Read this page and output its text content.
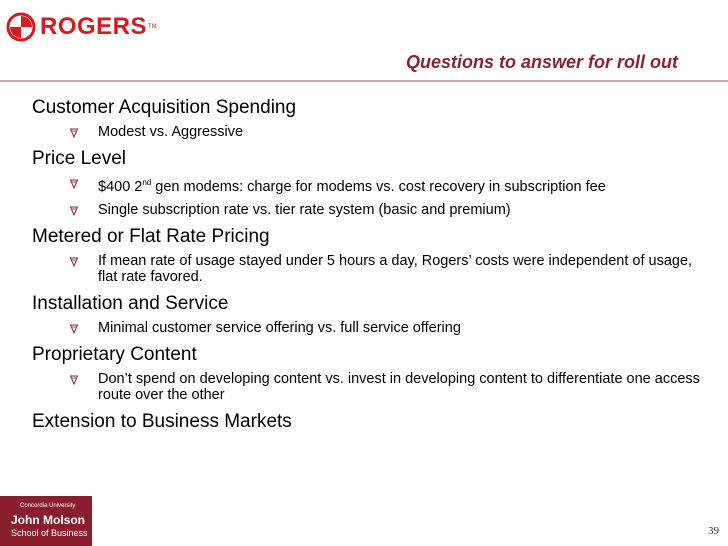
ROGERS TM
Questions to answer for roll out
Customer Acquisition Spending
Modest vs. Aggressive
Price Level
$400 2nd gen modems: charge for modems vs. cost recovery in subscription fee
Single subscription rate vs. tier rate system (basic and premium)
Metered or Flat Rate Pricing
If mean rate of usage stayed under 5 hours a day, Rogers’ costs were independent of usage, flat rate favored.
Installation and Service
Minimal customer service offering vs. full service offering
Proprietary Content
Don’t spend on developing content vs. invest in developing content to differentiate one access route over the other
Extension to Business Markets
Concordia University
John Molson
School of Business	39
